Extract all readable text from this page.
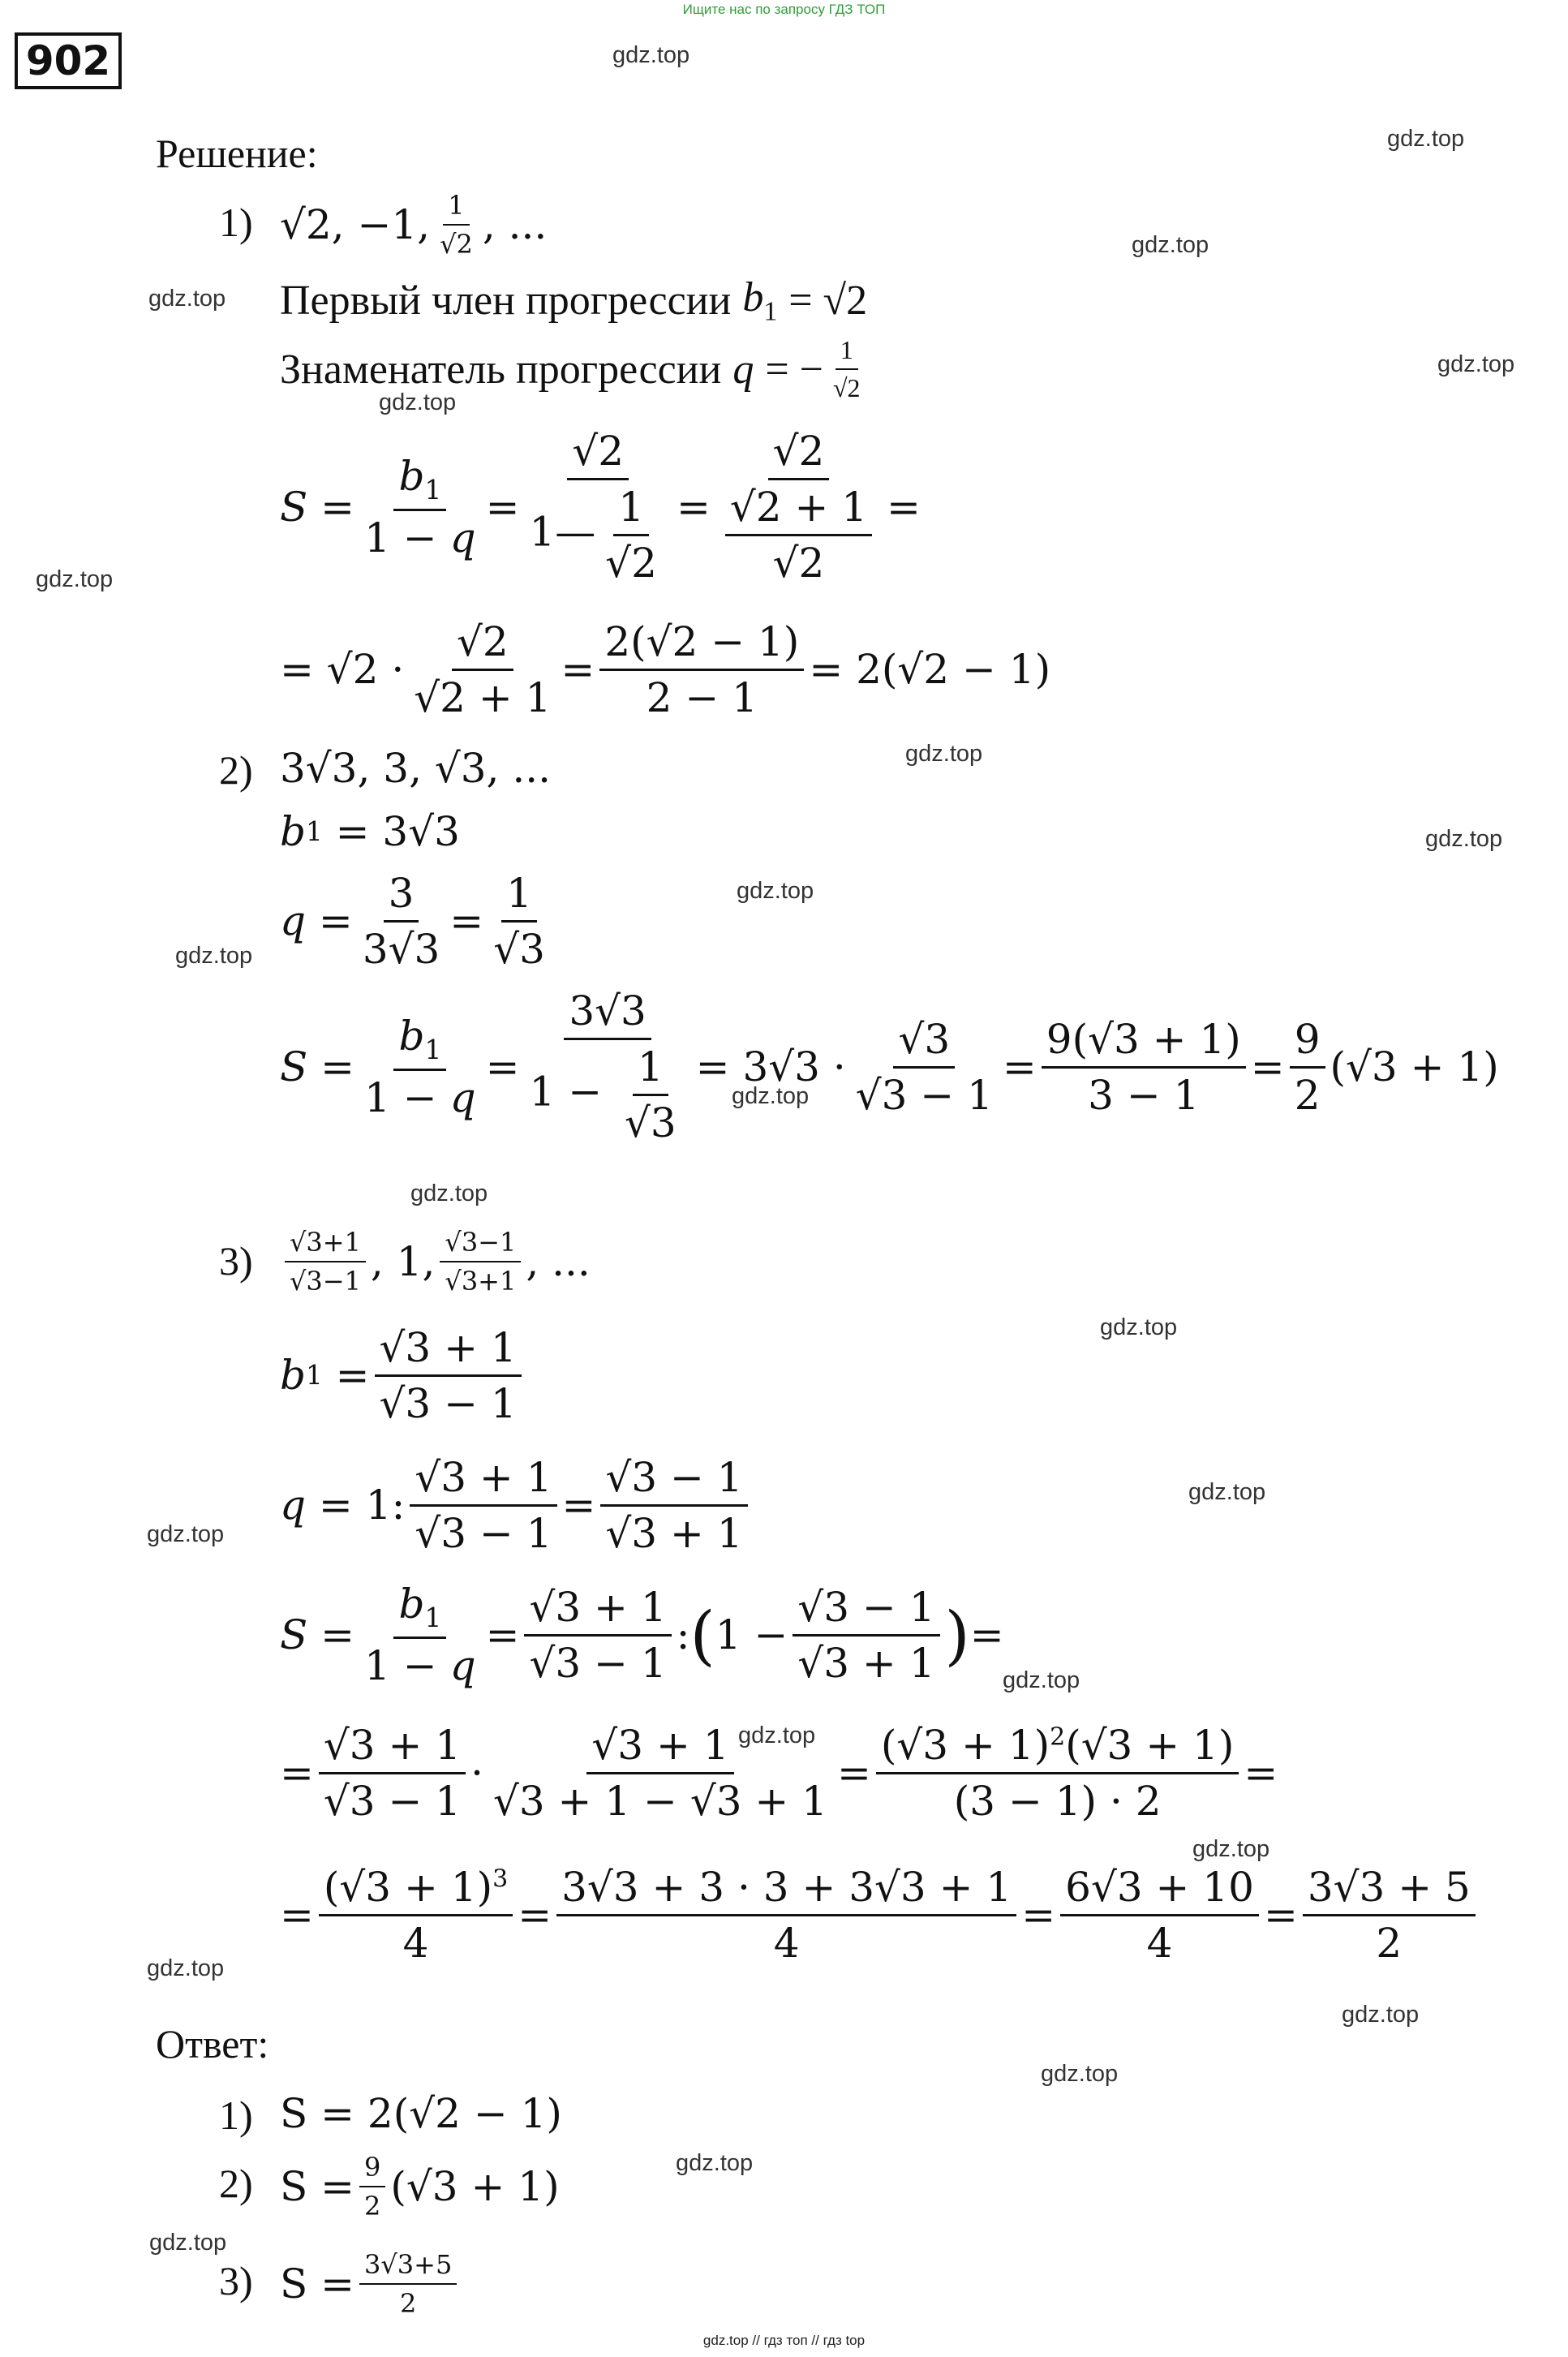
Ищите нас по запросу ГДЗ ТОП
902	gdz.top
gdz.top
gdz.top
gdz.top
gdz.top
gdz.top
gdz.top
gdz.top
gdz.top
gdz.top
gdz.top
gdz.top
gdz.top
gdz.top
gdz.top
gdz.top
gdz.top
gdz.top
gdz.top
gdz.top
gdz.top
gdz.top
gdz.top
gdz.top
Решение:
1) √2, −1, $\frac{1}{√2}$ , ...
Первый член прогрессии $b_1 = √2$
Знаменатель прогрессии q = − $\frac{1}{√2}$
$S = \frac{b_1}{1 - q} = \frac{√2}{1— \frac{1}{√2}} = \frac{√2}{\frac{√2 + 1}{√2}}$ =
= $√2 \cdot \frac{√2}{√2 + 1} = \frac{2(√2 - 1)}{2 - 1} = 2(√2 - 1)$
2) 3√3, 3, √3, ...
b 1
= 3√3
$q = \frac{3}{3√3} = \frac{1}{√3}$
$S = \frac{b_1}{1 - q} = \frac{3√3}{1 - \frac{1}{√3}} = 3√3 \cdot \frac{√3}{√3 - 1} = \frac{9(√3 + 1)}{3 - 1} = \frac{9}{2} (√3 + 1)$
$3) \frac{√3+1}{√3-1}$ , 1, $\frac{√3-1}{√3+1}$ , ...
b $1 = \frac{√3 + 1}{√3 - 1}$
q = 1: $\frac{√3 + 1}{√3 - 1} = \frac{√3 - 1}{√3 + 1}$
$S = \frac{b_1}{1 - q} = \frac{√3 + 1}{√3 - 1}$ : ( $1 - \frac{√3 - 1}{√3 + 1}$ ) =
= $\frac{√3 + 1}{√3 - 1} \cdot \frac{√3 + 1}{√3 + 1 - √3 + 1} = \frac{(√3 + 1)^2(√3 + 1)}{(3 - 1) \cdot 2}$ =
= $\frac{(√3 + 1)^3}{4} = \frac{3√3 + 3 \cdot 3 + 3√3 + 1}{4} = \frac{6√3 + 10}{4} = \frac{3√3 + 5}{2}$
Ответ:
1) S = 2(√2 − 1)
2) $S = \frac{9}{2} (√3 + 1)$
3) $S = \frac{3√3+5}{2}$
gdz.top // гдз топ // гдз top
